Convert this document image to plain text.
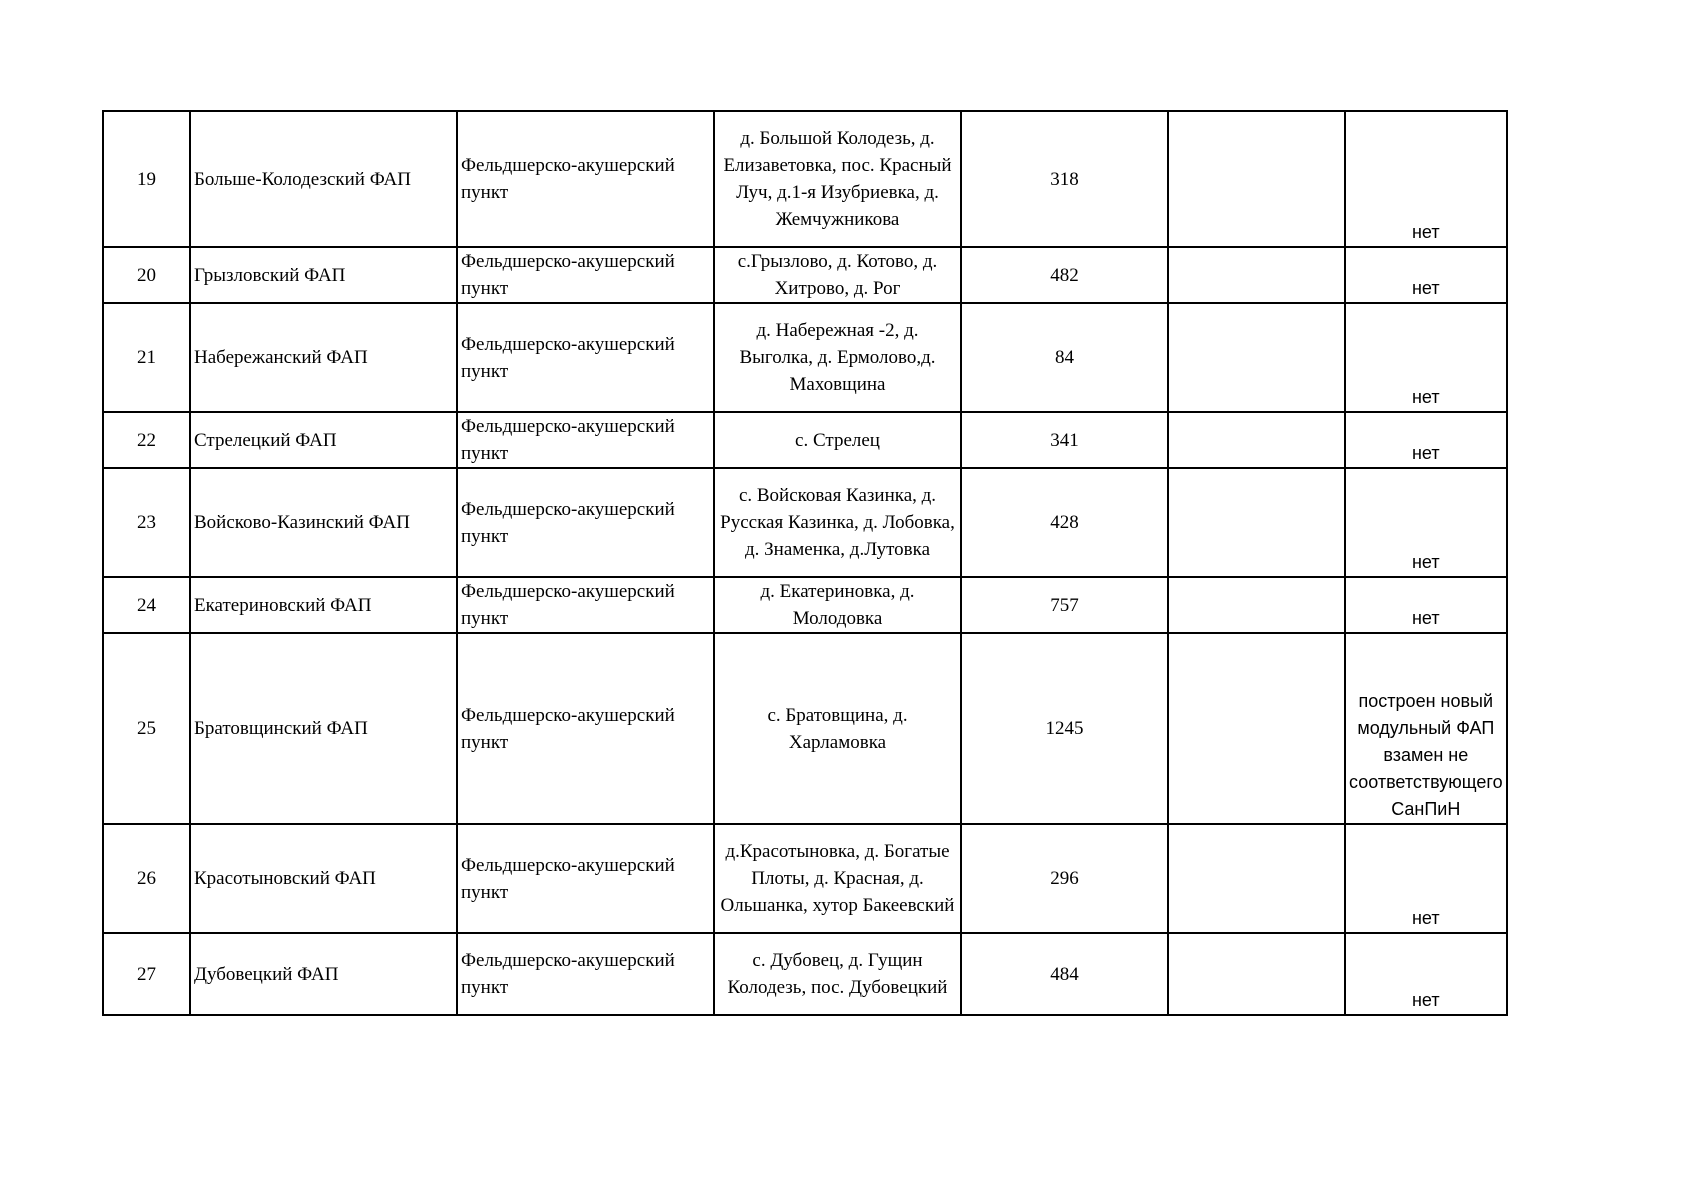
19	Больше-Колодезский ФАП	Фельдшерско-акушерский пункт	д. Большой Колодезь, д. Елизаветовка, пос. Красный Луч, д.1-я Изубриевка, д. Жемчужникова	318		нет
20	Грызловский ФАП	Фельдшерско-акушерский пункт	с.Грызлово, д. Котово, д. Хитрово, д. Рог	482		нет
21	Набережанский ФАП	Фельдшерско-акушерский пункт	д. Набережная -2, д. Выголка, д. Ермолово,д. Маховщина	84		нет
22	Стрелецкий ФАП	Фельдшерско-акушерский пункт	с. Стрелец	341		нет
23	Войсково-Казинский ФАП	Фельдшерско-акушерский пункт	с. Войсковая Казинка, д. Русская Казинка, д. Лобовка, д. Знаменка, д.Лутовка	428		нет
24	Екатериновский ФАП	Фельдшерско-акушерский пункт	д. Екатериновка, д. Молодовка	757		нет
25	Братовщинский ФАП	Фельдшерско-акушерский пункт	с. Братовщина, д. Харламовка	1245		построен новый модульный ФАП взамен не соответствующего СанПиН
26	Красотыновский ФАП	Фельдшерско-акушерский пункт	д.Красотыновка, д. Богатые Плоты, д. Красная, д. Ольшанка, хутор Бакеевский	296		нет
27	Дубовецкий ФАП	Фельдшерско-акушерский пункт	с. Дубовец, д. Гущин Колодезь, пос. Дубовецкий	484		нет
